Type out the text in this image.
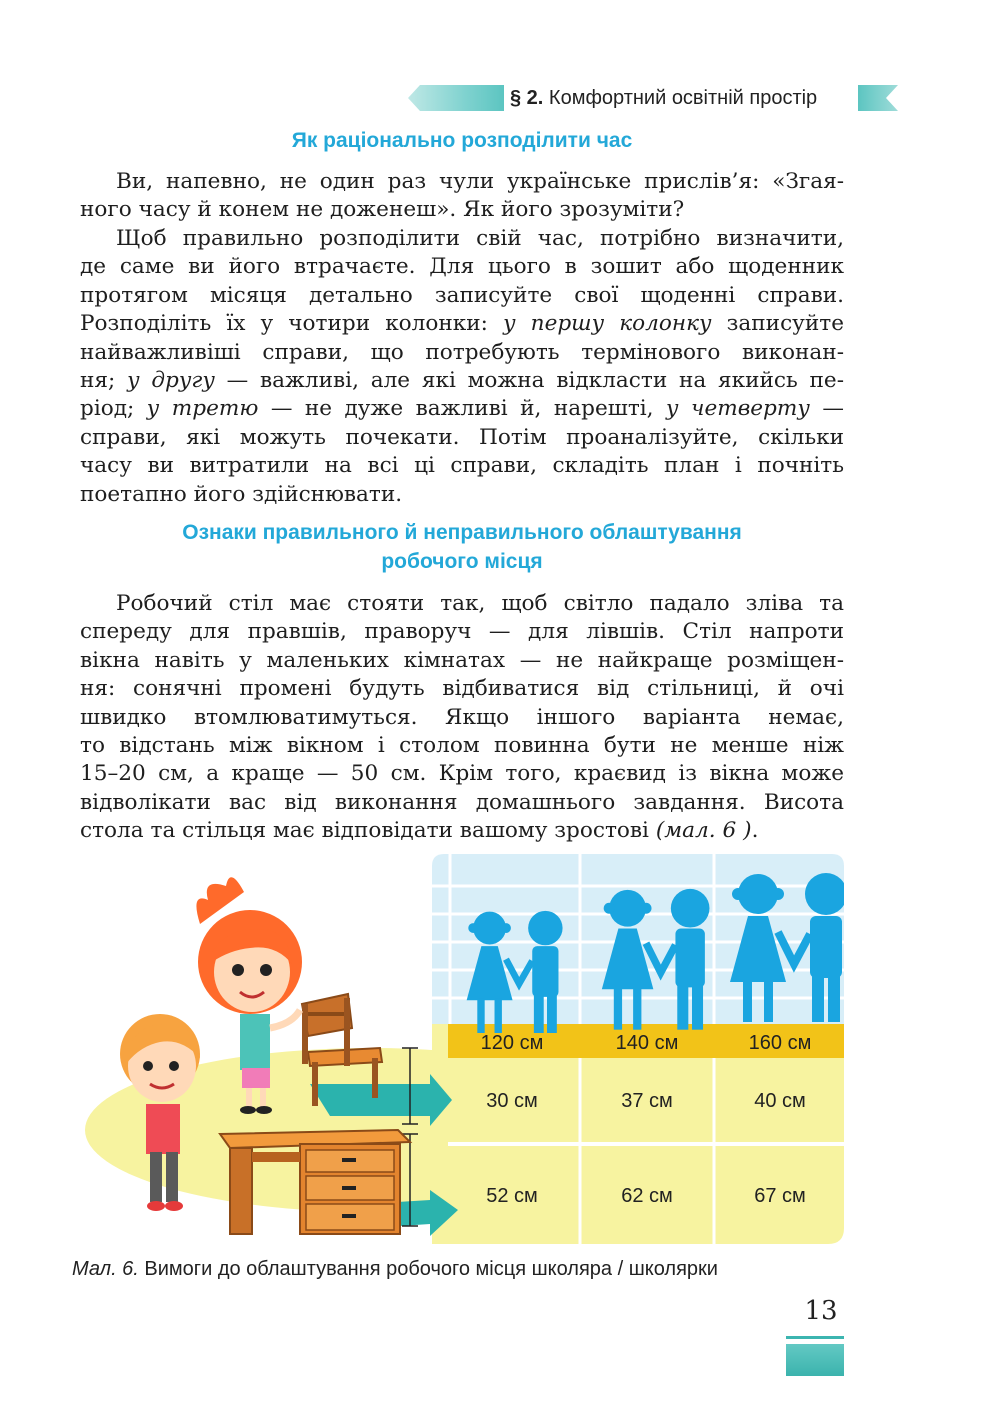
§ 2. Комфортний освітній простір
Як раціонально розподілити час
Ви, напевно, не один раз чули українське прислів’я: «Згая-
ного часу й конем не доженеш». Як його зрозуміти?
Щоб правильно розподілити свій час, потрібно визначити,
де саме ви його втрачаєте. Для цього в зошит або щоденник
протягом місяця детально записуйте свої щоденні справи.
Розподіліть їх у чотири колонки: у першу колонку записуйте
найважливіші справи, що потребують термінового виконан-
ня; у другу — важливі, але які можна відкласти на якийсь пе-
ріод; у третю — не дуже важливі й, нарешті, у четверту —
справи, які можуть почекати. Потім проаналізуйте, скільки
часу ви витратили на всі ці справи, складіть план і почніть
поетапно його здійснювати.
Ознаки правильного й неправильного облаштування
робочого місця
Робочий стіл має стояти так, щоб світло падало зліва та
спереду для правшів, праворуч — для лівшів. Стіл напроти
вікна навіть у маленьких кімнатах — не найкраще розміщен-
ня: сонячні промені будуть відбиватися від стільниці, й очі
швидко втомлюватимуться. Якщо іншого варіанта немає,
то відстань між вікном і столом повинна бути не менше ніж
15–20 см, а краще — 50 см. Крім того, краєвид із вікна може
відволікати вас від виконання домашнього завдання. Висота
стола та стільця має відповідати вашому зростові (мал. 6 ).
120 см	140 см	160 см
30 см	37 см	40 см
52 см	62 см	67 см
Мал. 6. Вимоги до облаштування робочого місця школяра / школярки
13
